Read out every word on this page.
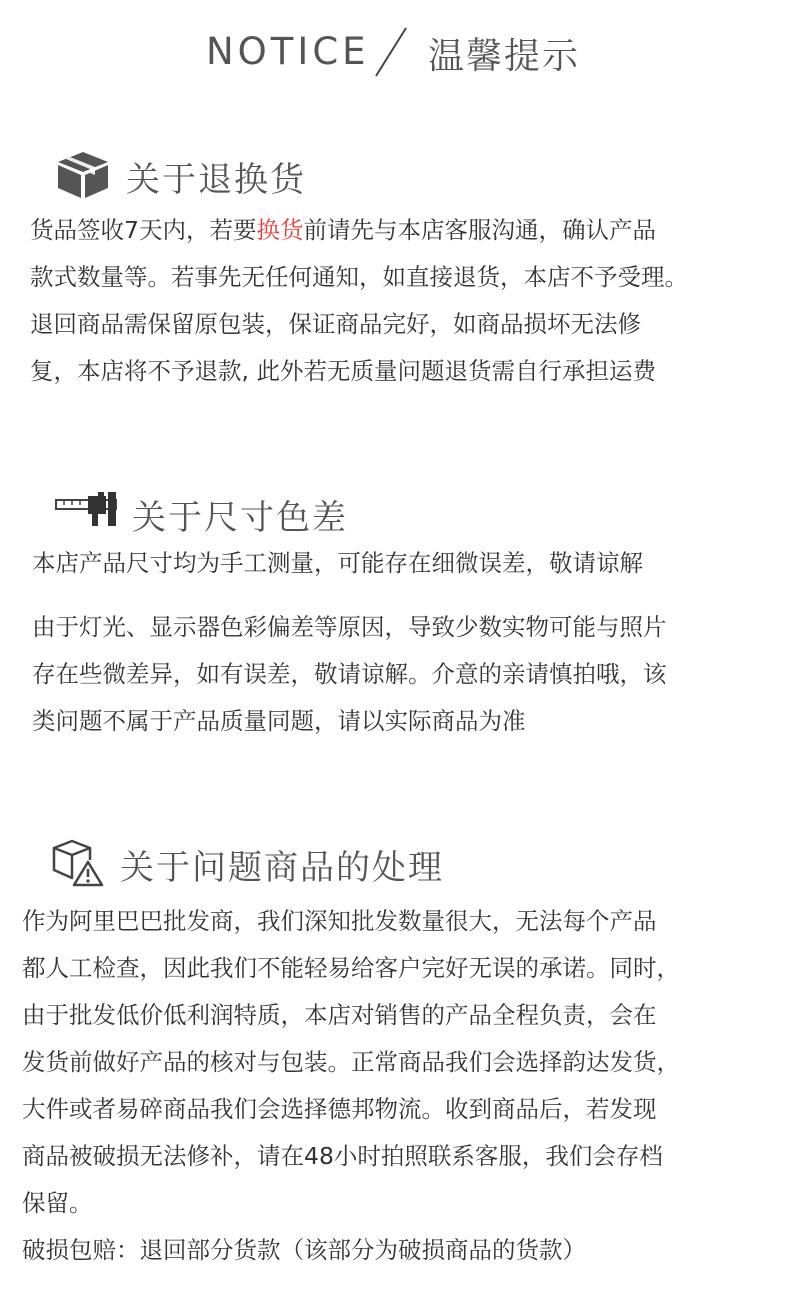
NOTICE 温馨提示
关于退换货
货品签收7天内，若要换货前请先与本店客服沟通，确认产品
款式数量等。若事先无任何通知，如直接退货，本店不予受理。
退回商品需保留原包装，保证商品完好，如商品损坏无法修
复，本店将不予退款, 此外若无质量问题退货需自行承担运费
关于尺寸色差
本店产品尺寸均为手工测量，可能存在细微误差，敬请谅解
由于灯光、显示器色彩偏差等原因，导致少数实物可能与照片
存在些微差异，如有误差，敬请谅解。介意的亲请慎拍哦，该
类问题不属于产品质量同题，请以实际商品为准
关于问题商品的处理
作为阿里巴巴批发商，我们深知批发数量很大，无法每个产品
都人工检查，因此我们不能轻易给客户完好无误的承诺。同时，
由于批发低价低利润特质，本店对销售的产品全程负责，会在
发货前做好产品的核对与包装。正常商品我们会选择韵达发货，
大件或者易碎商品我们会选择德邦物流。收到商品后，若发现
商品被破损无法修补，请在48小时拍照联系客服，我们会存档
保留。
破损包赔：退回部分货款（该部分为破损商品的货款）
